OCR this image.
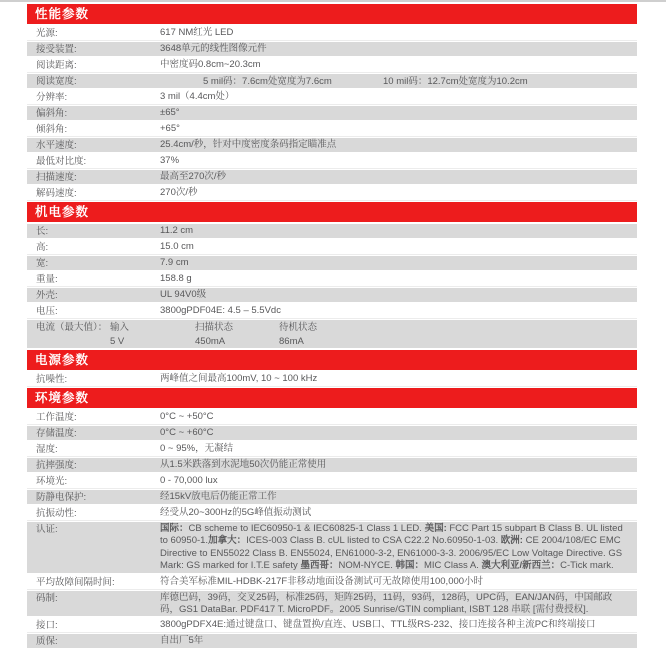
性能参数
光源:	617 NM红光 LED
接受装置:	3648单元的线性图像元件
阅读距离:	中密度码0.8cm~20.3cm
阅读宽度:	5 mil码：7.6cm处宽度为7.6cm	10 mil码：12.7cm处宽度为10.2cm
分辨率:	3 mil（4.4cm处）
偏斜角:	±65°
倾斜角:	+65°
水平速度:	25.4cm/秒，针对中度密度条码指定瞄准点
最低对比度:	37%
扫描速度:	最高至270次/秒
解码速度:	270次/秒
机电参数
长:	11.2 cm
高:	15.0 cm
宽:	7.9 cm
重量:	158.8 g
外壳:	UL 94V0级
电压:	3800gPDF04E: 4.5 – 5.5Vdc
电流（最大值）： 输入	扫描状态	待机状态
5 V	450mA	86mA
电源参数
抗噪性:	两峰值之间最高100mV, 10 ~ 100 kHz
环境参数
工作温度:	0°C ~ +50°C
存储温度:	0°C ~ +60°C
湿度:	0 ~ 95%，无凝结
抗摔强度:	从1.5米跌落到水泥地50次仍能正常使用
环境光:	0 - 70,000 lux
防静电保护:	经15kV放电后仍能正常工作
抗振动性:	经受从20~300Hz的5G峰值振动测试
认证:	国际：CB scheme to IEC60950-1 & IEC60825-1 Class 1 LED. 美国: FCC Part 15 subpart B Class B. UL listed to 60950-1.加拿大：ICES-003 Class B. cUL listed to CSA C22.2 No.60950-1-03. 欧洲: CE 2004/108/EC EMC Directive to EN55022 Class B. EN55024, EN61000-3-2, EN61000-3-3. 2006/95/EC Low Voltage Directive. GS Mark: GS marked for I.T.E safety 墨西哥：NOM-NYCE. 韩国：MIC Class A. 澳大利亚/新西兰：C-Tick mark.
平均故障间隔时间:	符合美军标准MIL-HDBK-217F非移动地面设备测试可无故障使用100,000小时
码制:	库德巴码，39码，交叉25码，标准25码，矩阵25码，11码，93码，128码，UPC码，EAN/JAN码，中国邮政码，GS1 DataBar. PDF417 T. MicroPDF。2005 Sunrise/GTIN compliant, ISBT 128 串联 [需付费授权].
接口:	3800gPDFX4E:通过键盘口、键盘置换/直连、USB口、TTL级RS-232、接口连接各种主流PC和终端接口
质保:	自出厂5年
